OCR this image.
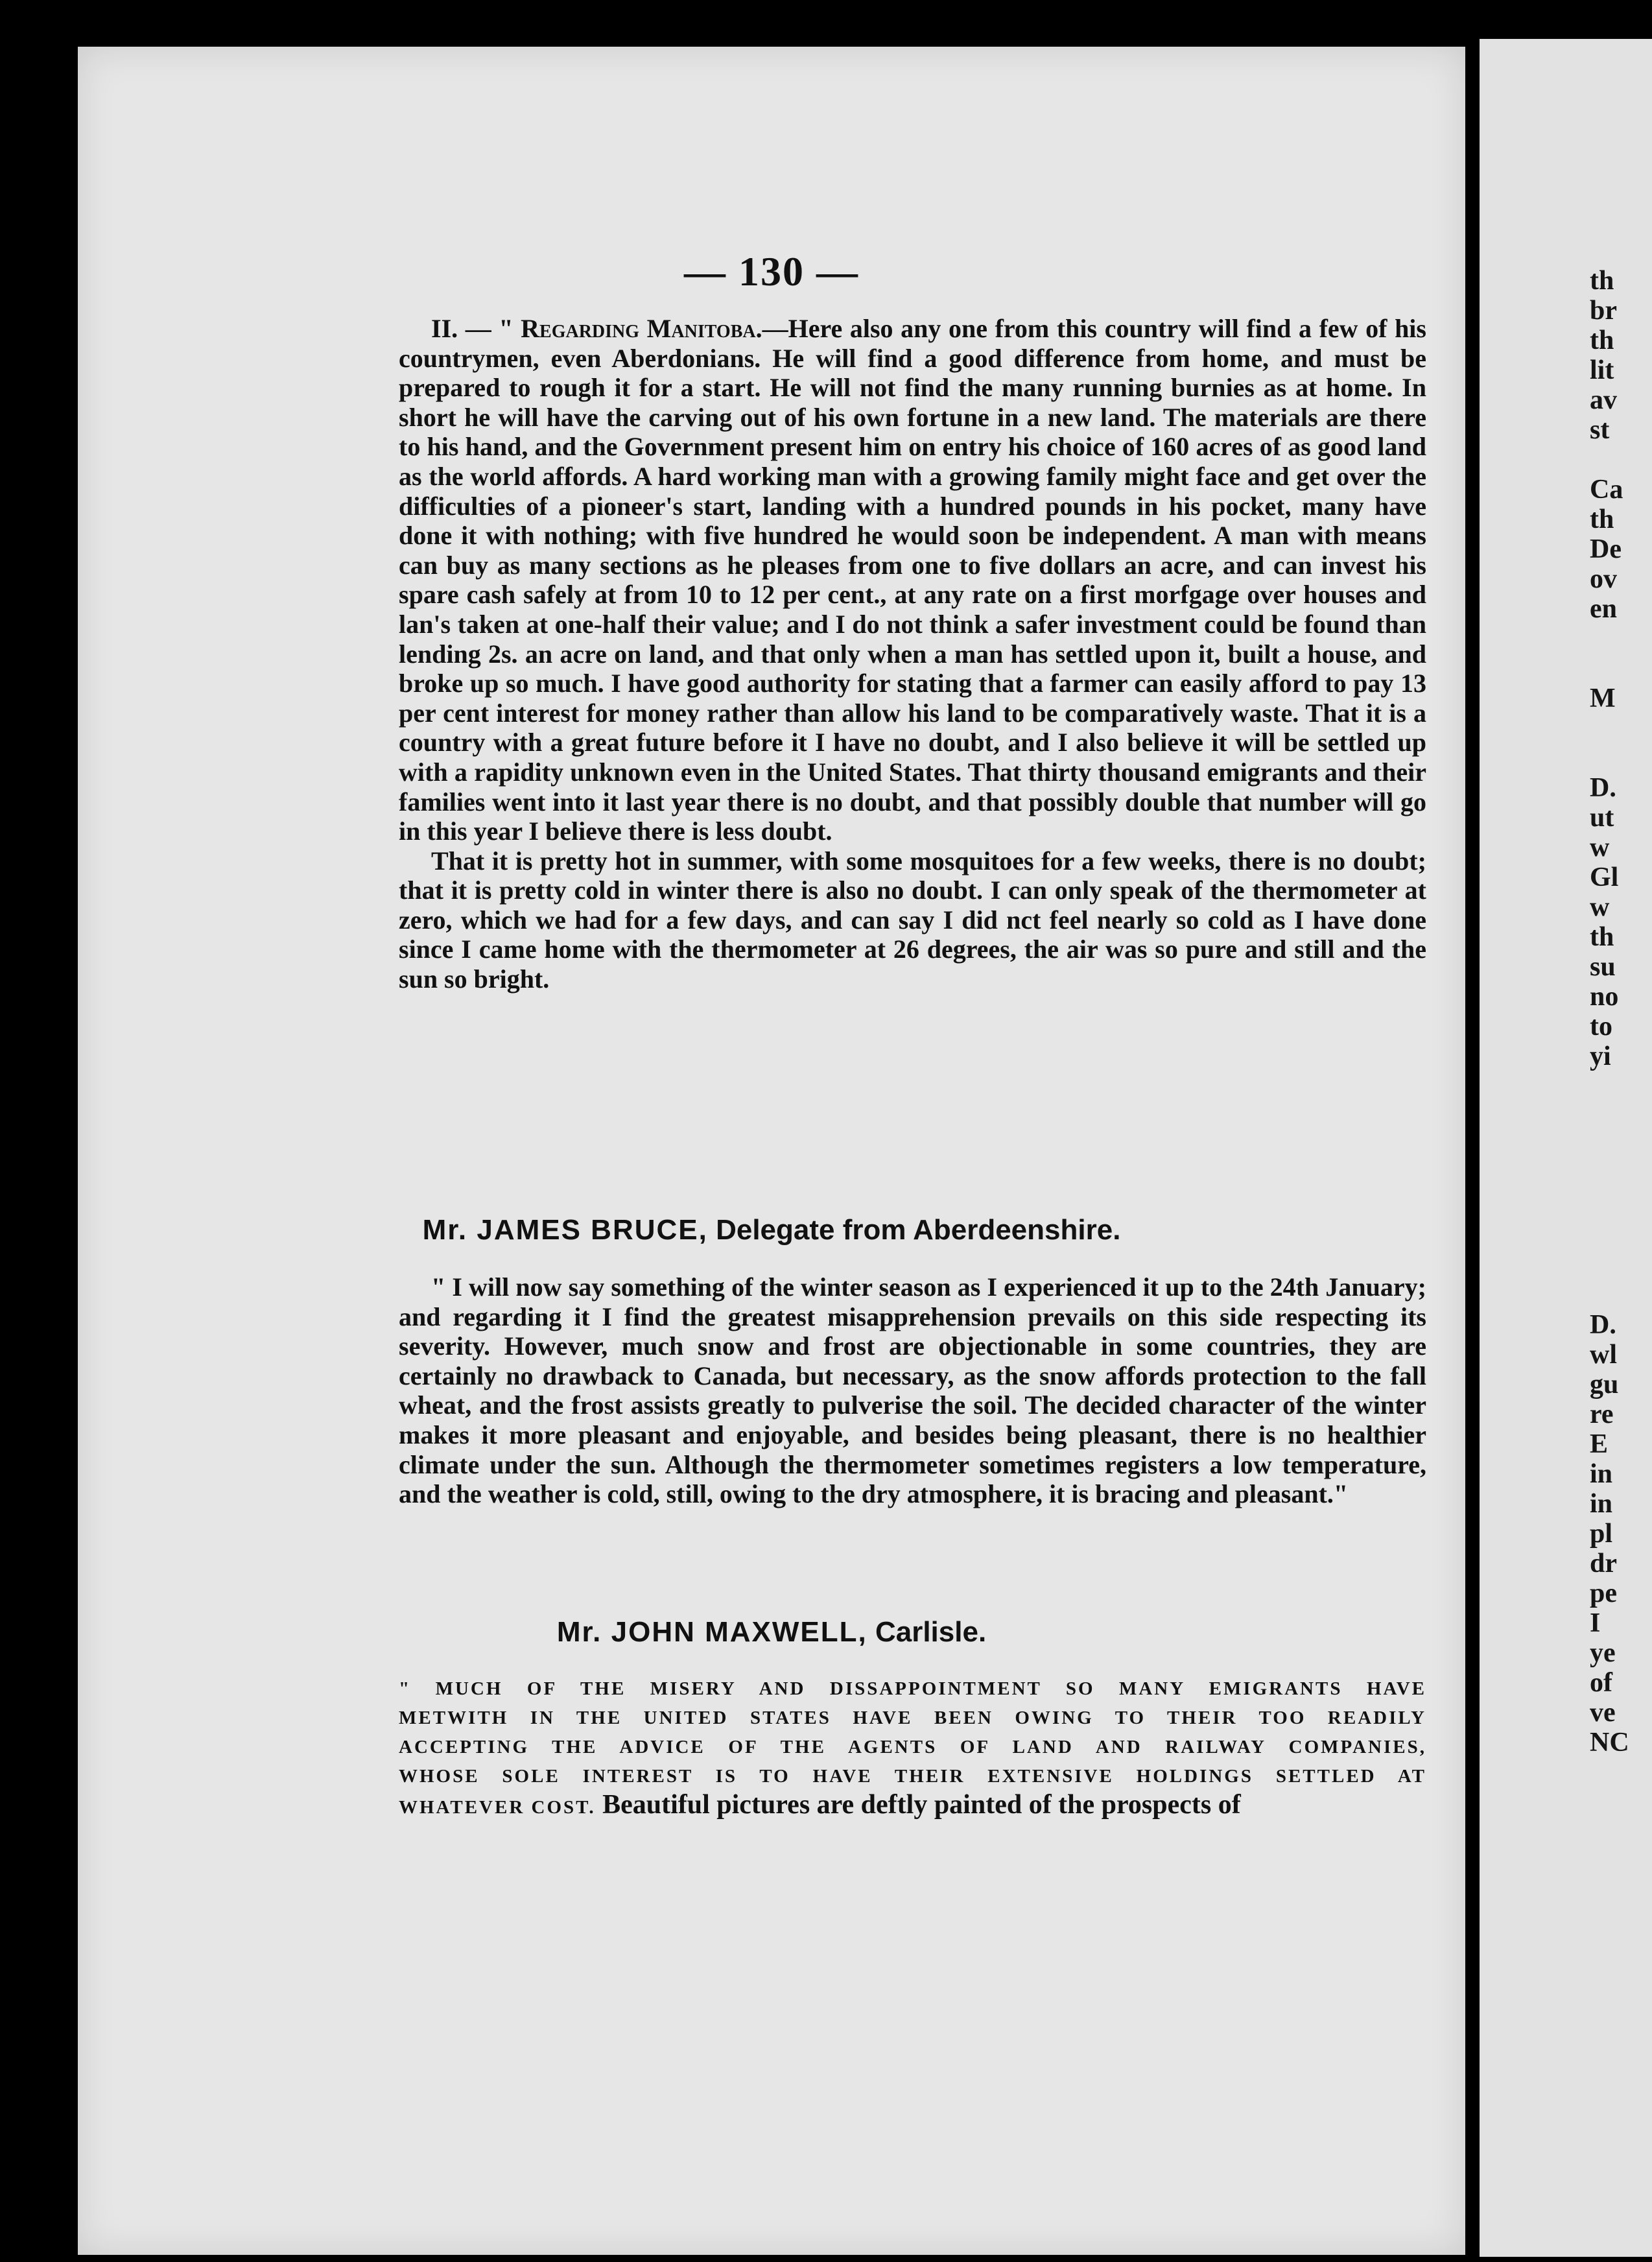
— 130 —

II. — " Regarding Manitoba.—Here also any one from this country will find a few of his countrymen, even Aberdonians. He will find a good difference from home, and must be prepared to rough it for a start. He will not find the many running burnies as at home. In short he will have the carving out of his own fortune in a new land. The materials are there to his hand, and the Government present him on entry his choice of 160 acres of as good land as the world affords. A hard working man with a growing family might face and get over the difficulties of a pioneer's start, landing with a hundred pounds in his pocket, many have done it with nothing; with five hundred he would soon be independent. A man with means can buy as many sections as he pleases from one to five dollars an acre, and can invest his spare cash safely at from 10 to 12 per cent., at any rate on a first morfgage over houses and lan's taken at one-half their value; and I do not think a safer investment could be found than lending 2s. an acre on land, and that only when a man has settled upon it, built a house, and broke up so much. I have good authority for stating that a farmer can easily afford to pay 13 per cent interest for money rather than allow his land to be comparatively waste. That it is a country with a great future before it I have no doubt, and I also believe it will be settled up with a rapidity unknown even in the United States. That thirty thousand emigrants and their families went into it last year there is no doubt, and that possibly double that number will go in this year I believe there is less doubt.

That it is pretty hot in summer, with some mosquitoes for a few weeks, there is no doubt; that it is pretty cold in winter there is also no doubt. I can only speak of the thermometer at zero, which we had for a few days, and can say I did nct feel nearly so cold as I have done since I came home with the thermometer at 26 degrees, the air was so pure and still and the sun so bright.

Mr. JAMES BRUCE, Delegate from Aberdeenshire.

" I will now say something of the winter season as I experienced it up to the 24th January; and regarding it I find the greatest misapprehension prevails on this side respecting its severity. However, much snow and frost are objectionable in some countries, they are certainly no drawback to Canada, but necessary, as the snow affords protection to the fall wheat, and the frost assists greatly to pulverise the soil. The decided character of the winter makes it more pleasant and enjoyable, and besides being pleasant, there is no healthier climate under the sun. Although the thermometer sometimes registers a low temperature, and the weather is cold, still, owing to the dry atmosphere, it is bracing and pleasant."

Mr. JOHN MAXWELL, Carlisle.

" MUCH OF THE MISERY AND DISSAPPOINTMENT SO MANY EMIGRANTS HAVE

METWITH IN THE UNITED STATES HAVE BEEN OWING TO THEIR TOO READILY

ACCEPTING THE ADVICE OF THE AGENTS OF LAND AND RAILWAY COMPANIES,

WHOSE SOLE INTEREST IS TO HAVE THEIR EXTENSIVE HOLDINGS SETTLED AT

WHATEVER COST. Beautiful pictures are deftly painted of the prospects of

th
br
th
lit
av
st
Ca
th
De
ov
en
M
D.
ut
w
Gl
w
th
su
no
to
yi
D.
wl
gu
re
E
in
in
pl
dr
pe
I
ye
of
ve
NC
